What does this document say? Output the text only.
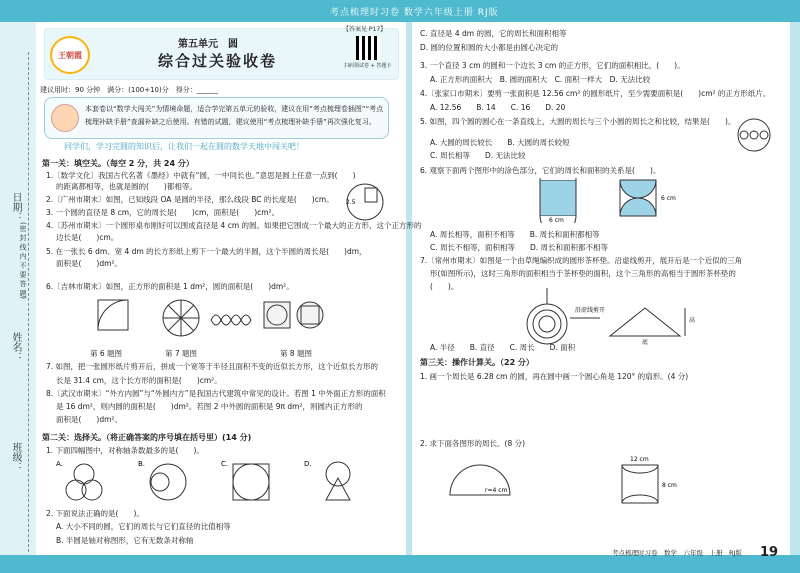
考点梳理时习卷 数学六年级上册 RJ版
日期：
姓名：
班级：
(密 封 线 内 不 要 答 题)
【答案见 P17】
王朝霞
第五单元　圆
综合过关验收卷	扫码领试卷 + 答题卡
建议用时：90 分钟　满分：(100+10)分　得分：______
本套卷以“数学大闯关”为情境命题，适合学完第五单元的验收，建议在用“考点梳理卷插图”“考点梳理补缺手册”查漏补缺之后使用。有错的试题，建议使用“考点梳理补缺手册”再次强化复习。
同学们，学习完圆的知识后，让我们一起在圆的数学天地中闯关吧！
第一关：填空关。（每空 2 分，共 24 分）
1.〔数学文化〕我国古代名著《墨经》中就有“圆，一中同长也。”意思是圆上任意一点到(　　)
的距离都相等，也就是圆的(　　)都相等。
2.〔广州市期末〕如图，已知线段 OA 是圆的半径，那么线段 BC 的长度是(　　)cm。
3. 一个圆的直径是 8 cm，它的周长是(　　)cm，面积是(　　)cm²。
4.〔苏州市期末〕一个圆形桌布刚好可以围成直径是 4 cm 的圆。如果把它围成一个最大的正方形，这个正方形的
边长是(　　)cm。
5. 在一张长 6 dm、宽 4 dm 的长方形纸上剪下一个最大的半圆，这个半圆的周长是(　　)dm，
面积是(　　)dm²。
6.〔吉林市期末〕如图，正方形的面积是 1 dm²，圆的面积是(　　)dm²。
第 6 题图	第 7 题图	第 8 题图
7. 如图，把一张圆形纸片剪开后，拼成一个宽等于半径且面积不变的近似长方形，这个近似长方形的
长是 31.4 cm，这个长方形的面积是(　　)cm²。
8.〔武汉市期末〕“外方内圆”与“外圆内方”是我国古代建筑中常见的设计。若图 1 中外面正方形的面积
是 16 dm²，则内圆的面积是(　　)dm²。若图 2 中外圆的面积是 9π dm²，则圆内正方形的
面积是(　　)dm²。
第二关：选择关。（将正确答案的序号填在括号里）(14 分)
1. 下面四幅图中，对称轴条数最多的是(　　)。
2. 下面说法正确的是(　　)。
A. 大小不同的圆，它们的周长与它们直径的比值相等
B. 半圆是轴对称图形，它有无数条对称轴
C. 直径是 4 dm 的圆，它的周长和面积相等
D. 圆的位置和圆的大小都是由圆心决定的
3. 一个直径 3 cm 的圆和一个边长 3 cm 的正方形，它们的面积相比，(　　)。
A. 正方形的面积大　B. 圆的面积大　C. 面积一样大　D. 无法比较
4.〔张家口市期末〕要剪一张面积是 12.56 cm² 的圆形纸片，至少需要面积是(　　)cm² 的正方形纸片。
A. 12.56　　B. 14　　C. 16　　D. 20
5. 如图，四个圆的圆心在一条直线上，大圆的周长与三个小圆的周长之和比较，结果是(　　)。
A. 大圆的周长较长　　B. 大圆的周长较短
C. 周长相等　　D. 无法比较
6. 观察下面两个图形中的涂色部分，它们的周长和面积的关系是(　　)。
A. 周长相等，面积不相等　　B. 周长和面积都相等
C. 周长不相等，面积相等　　D. 周长和面积都不相等
7.〔常州市期末〕如图是一个由草绳编织成的圆形茶杯垫。沿虚线剪开，展开后是一个近似的三角
形(如图所示)，这时三角形的面积相当于茶杯垫的面积，这个三角形的高相当于圆形茶杯垫的
(　　)。
A. 半径　　B. 直径　　C. 周长　　D. 面积
第三关：操作计算关。（22 分）
1. 画一个周长是 6.28 cm 的圆，再在圆中画一个圆心角是 120° 的扇形。(4 分)
2. 求下面各图形的周长。(8 分)
2.5
A.	B.	C.	D.
6 cm
6 cm
沿虚线剪开
高
底
r=4 cm
12 cm
8 cm
考点梳理时习卷　数学　六年级　上册　RJ版 19
